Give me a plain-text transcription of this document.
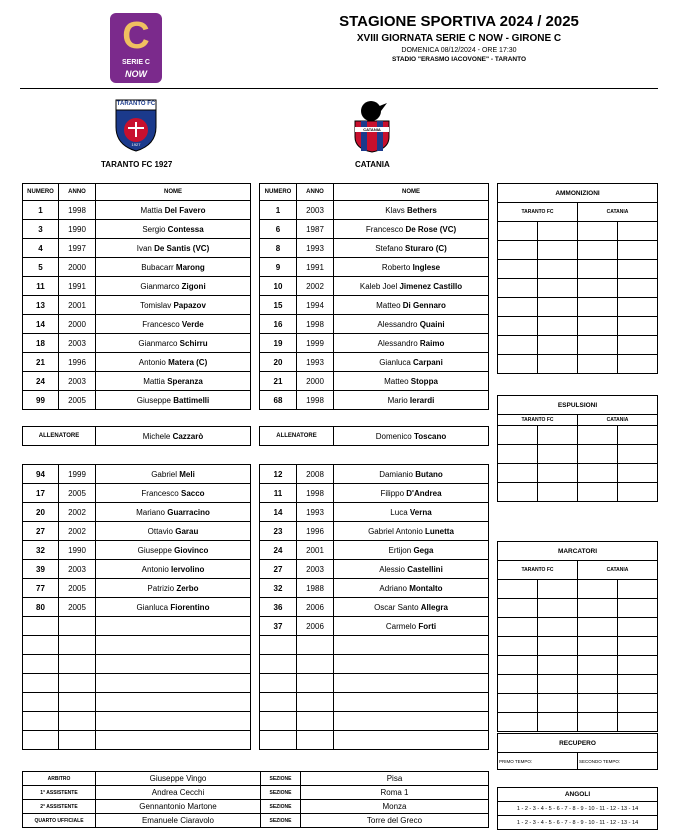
C
SERIE C
NOW
STAGIONE SPORTIVA 2024 / 2025
XVIII GIORNATA SERIE C NOW - GIRONE C
DOMENICA 08/12/2024 - ORE 17:30
STADIO "ERASMO IACOVONE" - TARANTO
TARANTO FC
1927
TARANTO FC 1927
CATANIA
CATANIA
NUMERO	ANNO	NOME
1	1998	Mattia Del Favero
3	1990	Sergio Contessa
4	1997	Ivan De Santis (VC)
5	2000	Bubacarr Marong
11	1991	Gianmarco Zigoni
13	2001	Tomislav Papazov
14	2000	Francesco Verde
18	2003	Gianmarco Schirru
21	1996	Antonio Matera (C)
24	2003	Mattia Speranza
99	2005	Giuseppe Battimelli
NUMERO	ANNO	NOME
1	2003	Klavs Bethers
6	1987	Francesco De Rose (VC)
8	1993	Stefano Sturaro (C)
9	1991	Roberto Inglese
10	2002	Kaleb Joel Jimenez Castillo
15	1994	Matteo Di Gennaro
16	1998	Alessandro Quaini
19	1999	Alessandro Raimo
20	1993	Gianluca Carpani
21	2000	Matteo Stoppa
68	1998	Mario Ierardi
ALLENATORE	Michele Cazzarò	ALLENATORE	Domenico Toscano
94	1999	Gabriel Meli
17	2005	Francesco Sacco
20	2002	Mariano Guarracino
27	2002	Ottavio Garau
32	1990	Giuseppe Giovinco
39	2003	Antonio Iervolino
77	2005	Patrizio Zerbo
80	2005	Gianluca Fiorentino

12	2008	Damianio Butano
11	1998	Filippo D'Andrea
14	1993	Luca Verna
23	1996	Gabriel Antonio Lunetta
24	2001	Ertijon Gega
27	2003	Alessio Castellini
32	1988	Adriano Montalto
36	2006	Oscar Santo Allegra
37	2006	Carmelo Forti

AMMONIZIONI			
TARANTO FC		CATANIA	

ESPULSIONI			
TARANTO FC		CATANIA	

MARCATORI			
TARANTO FC		CATANIA	

RECUPERO
PRIMO TEMPO:	SECONDO TEMPO:
ARBITRO	Giuseppe Vingo	SEZIONE	Pisa
1° ASSISTENTE	Andrea Cecchi	SEZIONE	Roma 1
2° ASSISTENTE	Gennantonio Martone	SEZIONE	Monza
QUARTO UFFICIALE	Emanuele Ciaravolo	SEZIONE	Torre del Greco
ANGOLI
1 - 2 - 3 - 4 - 5 - 6 - 7 - 8 - 9 - 10 - 11 - 12 - 13 - 14
1 - 2 - 3 - 4 - 5 - 6 - 7 - 8 - 9 - 10 - 11 - 12 - 13 - 14
